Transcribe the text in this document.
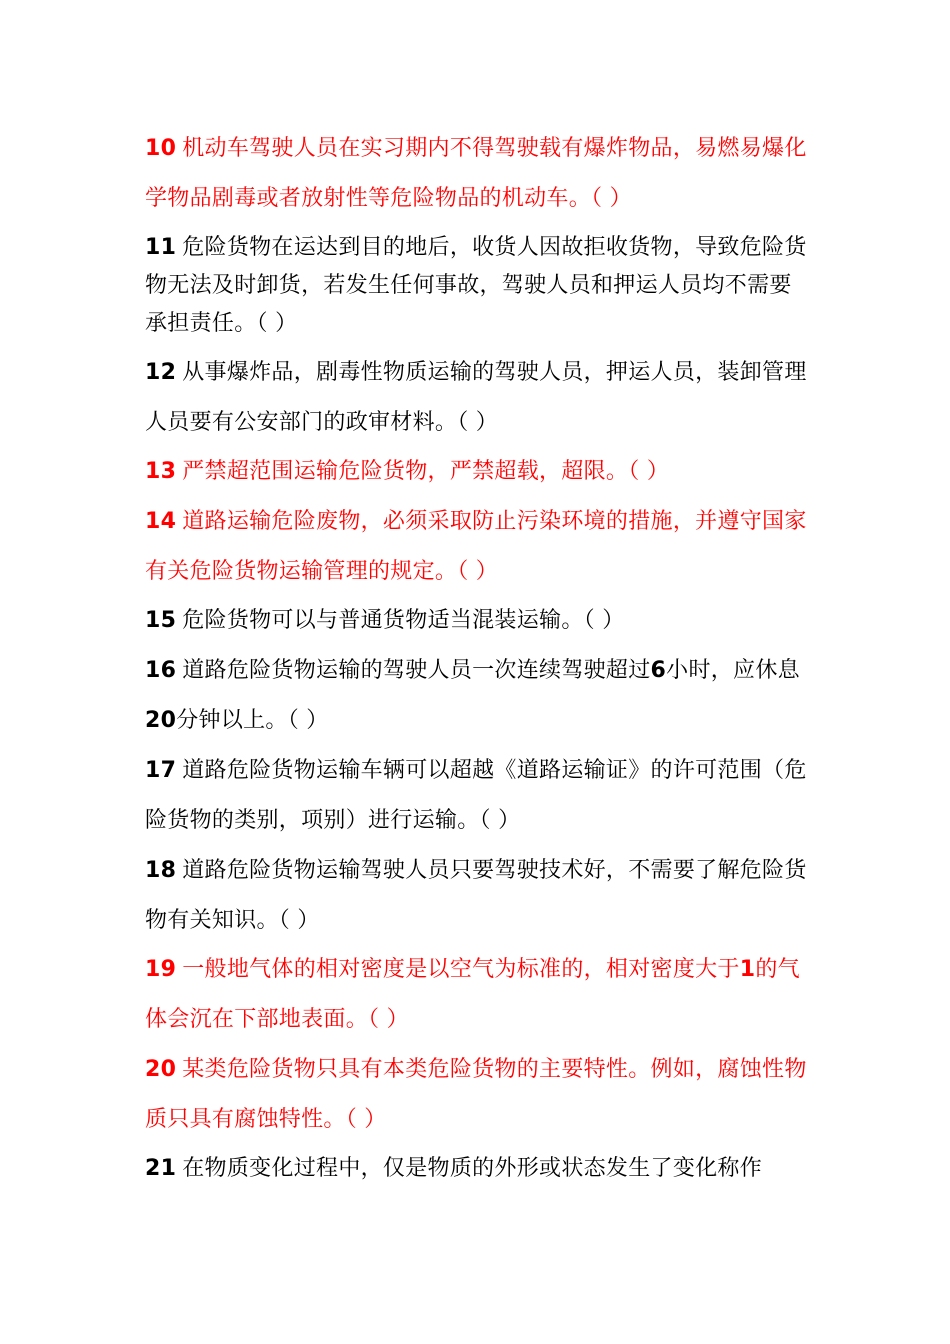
10 机动车驾驶人员在实习期内不得驾驶载有爆炸物品，易燃易爆化学物品剧毒或者放射性等危险物品的机动车。（ ）

11 危险货物在运达到目的地后，收货人因故拒收货物，导致危险货物无法及时卸货，若发生任何事故，驾驶人员和押运人员均不需要承担责任。（ ）

12 从事爆炸品，剧毒性物质运输的驾驶人员，押运人员，装卸管理人员要有公安部门的政审材料。（ ）

13 严禁超范围运输危险货物，严禁超载，超限。（ ）

14 道路运输危险废物，必须采取防止污染环境的措施，并遵守国家有关危险货物运输管理的规定。（ ）

15 危险货物可以与普通货物适当混装运输。（ ）

16 道路危险货物运输的驾驶人员一次连续驾驶超过6小时，应休息20分钟以上。（ ）

17 道路危险货物运输车辆可以超越《道路运输证》的许可范围（危险货物的类别，项别）进行运输。（ ）

18 道路危险货物运输驾驶人员只要驾驶技术好，不需要了解危险货物有关知识。（ ）

19 一般地气体的相对密度是以空气为标准的，相对密度大于1的气体会沉在下部地表面。（ ）

20 某类危险货物只具有本类危险货物的主要特性。例如，腐蚀性物质只具有腐蚀特性。（ ）

21 在物质变化过程中，仅是物质的外形或状态发生了变化称作
